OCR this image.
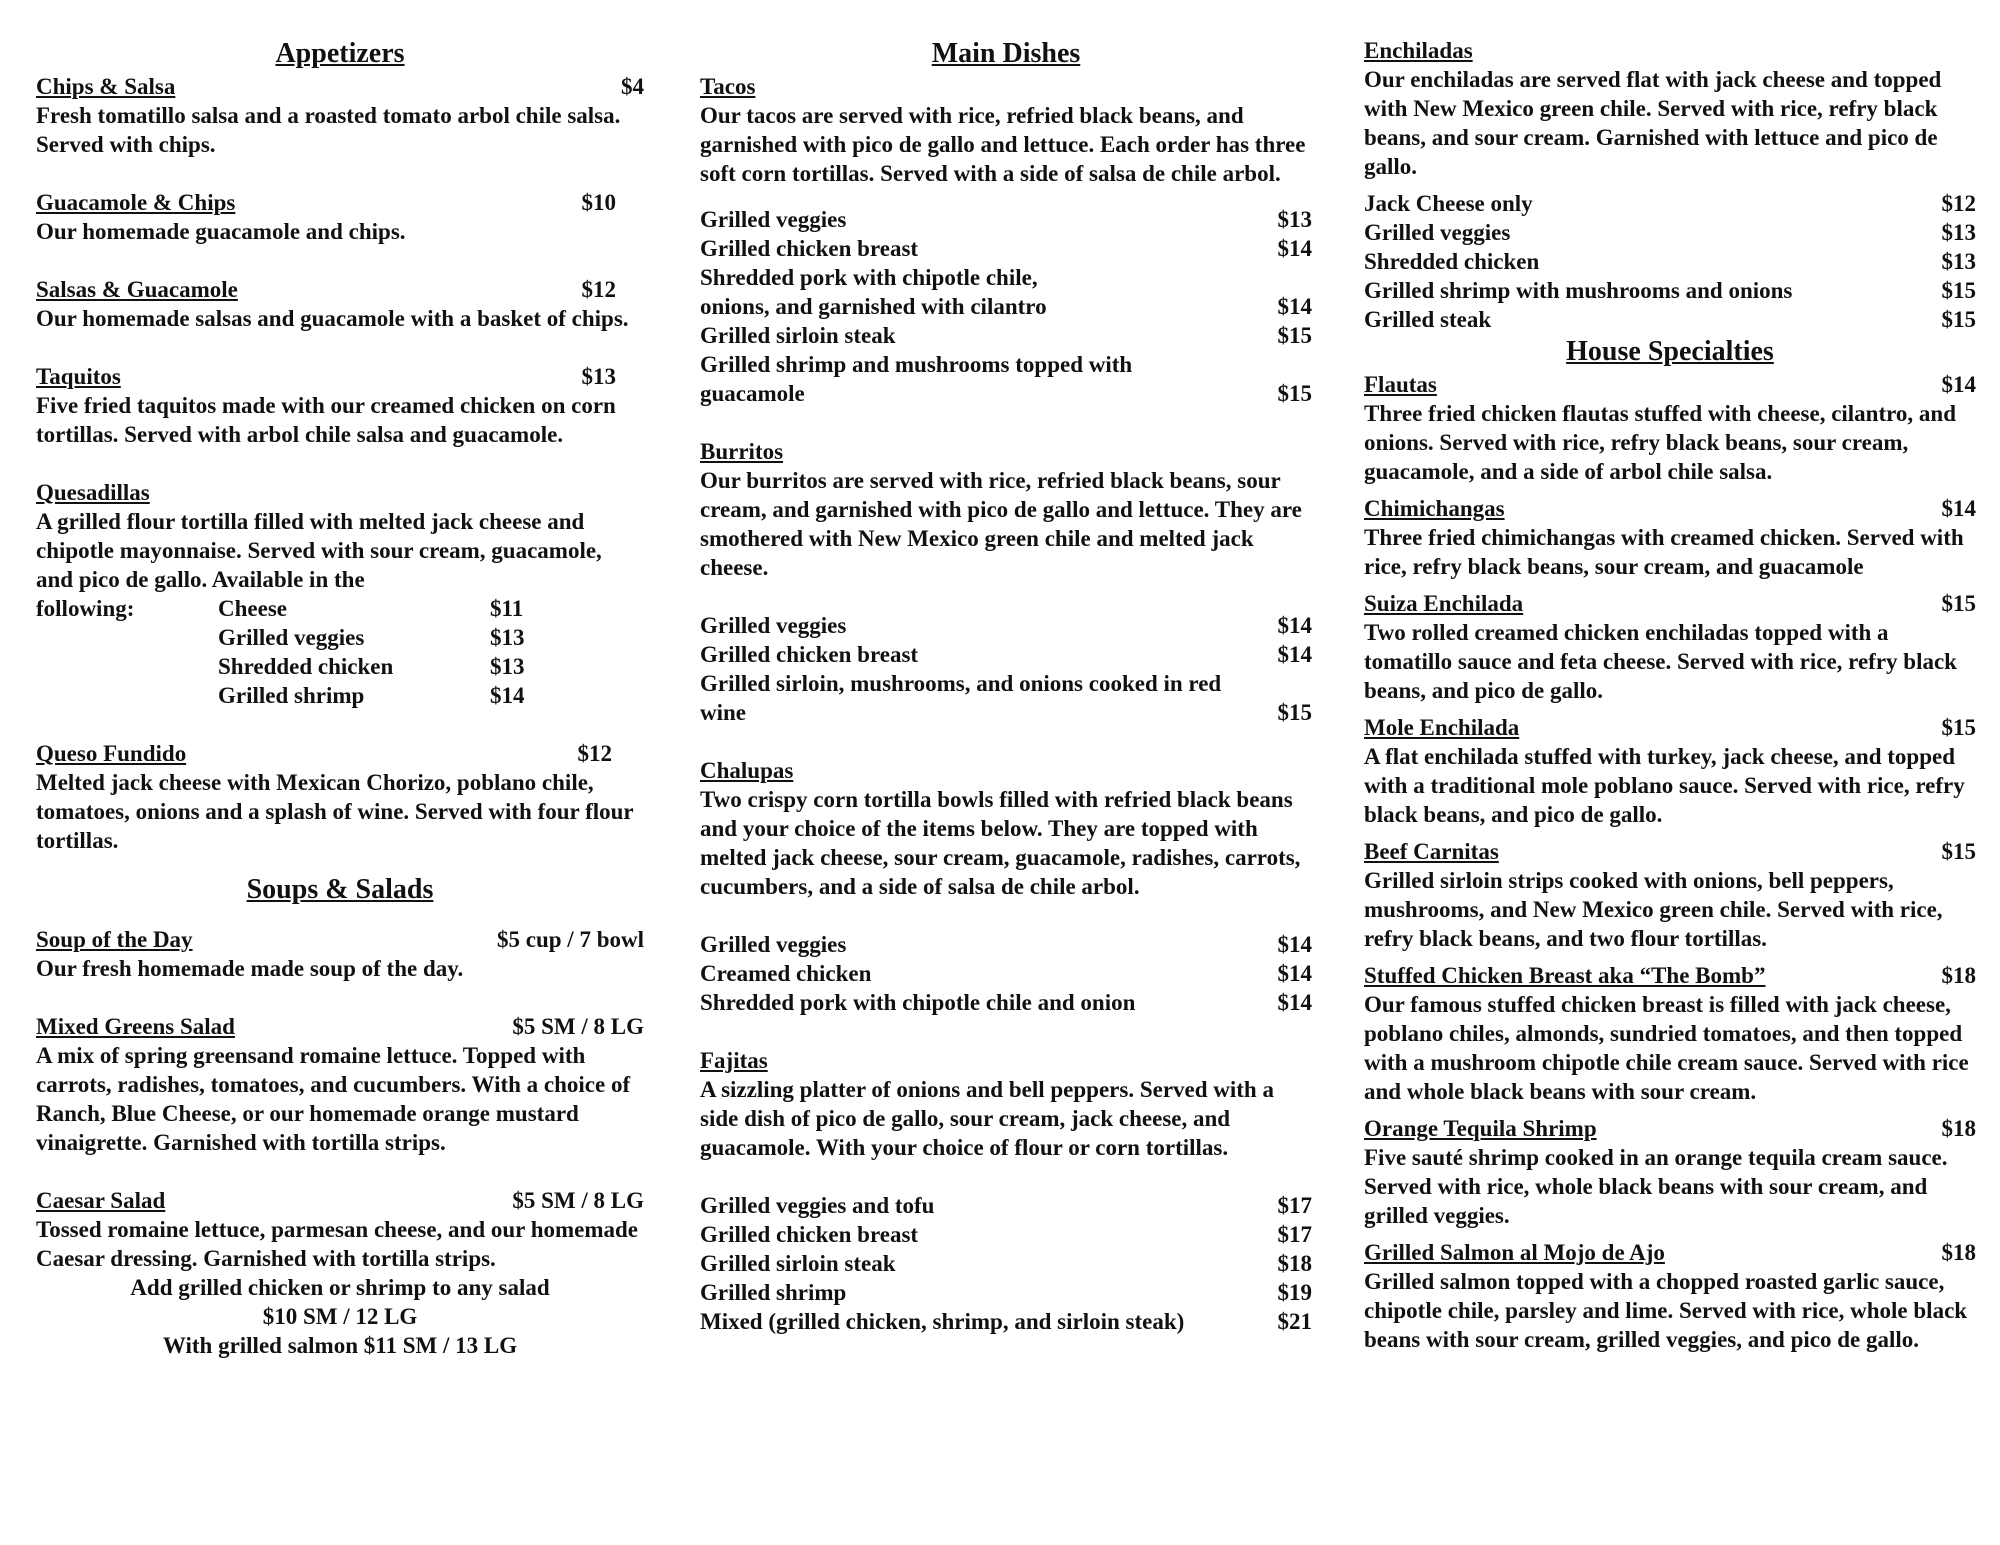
Appetizers
Chips & Salsa	$4
Fresh tomatillo salsa and a roasted tomato arbol chile salsa. Served with chips.
Guacamole & Chips	$10
Our homemade guacamole and chips.
Salsas & Guacamole	$12
Our homemade salsas and guacamole with a basket of chips.
Taquitos	$13
Five fried taquitos made with our creamed chicken on corn tortillas. Served with arbol chile salsa and guacamole.
Quesadillas
A grilled flour tortilla filled with melted jack cheese and chipotle mayonnaise. Served with sour cream, guacamole, and pico de gallo. Available in the
following:	Cheese	$11
Grilled veggies	$13
Shredded chicken	$13
Grilled shrimp	$14
Queso Fundido	$12
Melted jack cheese with Mexican Chorizo, poblano chile, tomatoes, onions and a splash of wine. Served with four flour tortillas.
Soups & Salads
Soup of the Day	$5 cup / 7 bowl
Our fresh homemade made soup of the day.
Mixed Greens Salad	$5 SM / 8 LG
A mix of spring greensand romaine lettuce. Topped with carrots, radishes, tomatoes, and cucumbers. With a choice of Ranch, Blue Cheese, or our homemade orange mustard vinaigrette. Garnished with tortilla strips.
Caesar Salad	$5 SM / 8 LG
Tossed romaine lettuce, parmesan cheese, and our homemade Caesar dressing. Garnished with tortilla strips.
Add grilled chicken or shrimp to any salad
$10 SM / 12 LG
With grilled salmon $11 SM / 13 LG
Main Dishes
Tacos
Our tacos are served with rice, refried black beans, and garnished with pico de gallo and lettuce. Each order has three soft corn tortillas. Served with a side of salsa de chile arbol.
Grilled veggies	$13
Grilled chicken breast	$14
Shredded pork with chipotle chile,
onions, and garnished with cilantro	$14
Grilled sirloin steak	$15
Grilled shrimp and mushrooms topped with
guacamole	$15
Burritos
Our burritos are served with rice, refried black beans, sour cream, and garnished with pico de gallo and lettuce. They are smothered with New Mexico green chile and melted jack cheese.
Grilled veggies	$14
Grilled chicken breast	$14
Grilled sirloin, mushrooms, and onions cooked in red
wine	$15
Chalupas
Two crispy corn tortilla bowls filled with refried black beans and your choice of the items below. They are topped with melted jack cheese, sour cream, guacamole, radishes, carrots, cucumbers, and a side of salsa de chile arbol.
Grilled veggies	$14
Creamed chicken	$14
Shredded pork with chipotle chile and onion	$14
Fajitas
A sizzling platter of onions and bell peppers. Served with a side dish of pico de gallo, sour cream, jack cheese, and guacamole. With your choice of flour or corn tortillas.
Grilled veggies and tofu	$17
Grilled chicken breast	$17
Grilled sirloin steak	$18
Grilled shrimp	$19
Mixed (grilled chicken, shrimp, and sirloin steak)	$21
Enchiladas
Our enchiladas are served flat with jack cheese and topped with New Mexico green chile. Served with rice, refry black beans, and sour cream. Garnished with lettuce and pico de gallo.
Jack Cheese only	$12
Grilled veggies	$13
Shredded chicken	$13
Grilled shrimp with mushrooms and onions	$15
Grilled steak	$15
House Specialties
Flautas	$14
Three fried chicken flautas stuffed with cheese, cilantro, and onions. Served with rice, refry black beans, sour cream, guacamole, and a side of arbol chile salsa.
Chimichangas	$14
Three fried chimichangas with creamed chicken. Served with rice, refry black beans, sour cream, and guacamole
Suiza Enchilada	$15
Two rolled creamed chicken enchiladas topped with a tomatillo sauce and feta cheese. Served with rice, refry black beans, and pico de gallo.
Mole Enchilada	$15
A flat enchilada stuffed with turkey, jack cheese, and topped with a traditional mole poblano sauce. Served with rice, refry black beans, and pico de gallo.
Beef Carnitas	$15
Grilled sirloin strips cooked with onions, bell peppers, mushrooms, and New Mexico green chile. Served with rice, refry black beans, and two flour tortillas.
Stuffed Chicken Breast aka “The Bomb”	$18
Our famous stuffed chicken breast is filled with jack cheese, poblano chiles, almonds, sundried tomatoes, and then topped with a mushroom chipotle chile cream sauce. Served with rice and whole black beans with sour cream.
Orange Tequila Shrimp	$18
Five sauté shrimp cooked in an orange tequila cream sauce. Served with rice, whole black beans with sour cream, and grilled veggies.
Grilled Salmon al Mojo de Ajo	$18
Grilled salmon topped with a chopped roasted garlic sauce, chipotle chile, parsley and lime. Served with rice, whole black beans with sour cream, grilled veggies, and pico de gallo.
